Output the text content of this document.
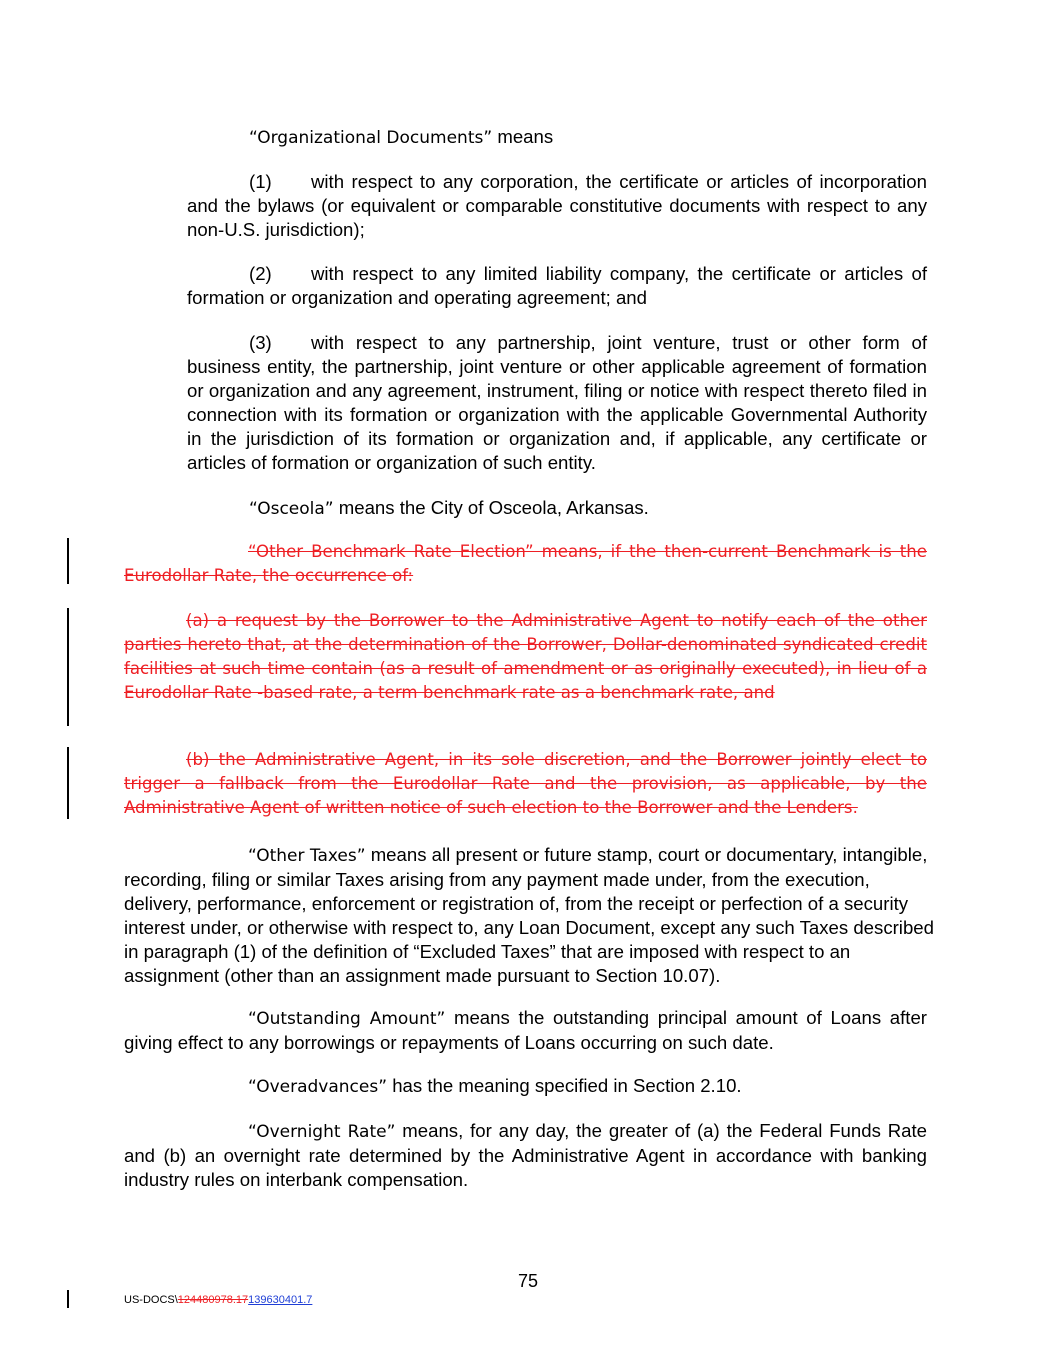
“Organizational Documents” means

(1) with respect to any corporation, the certificate or articles of incorporation and the bylaws (or equivalent or comparable constitutive documents with respect to any non-U.S. jurisdiction);

(2) with respect to any limited liability company, the certificate or articles of formation or organization and operating agreement; and

(3) with respect to any partnership, joint venture, trust or other form of business entity, the partnership, joint venture or other applicable agreement of formation or organization and any agreement, instrument, filing or notice with respect thereto filed in connection with its formation or organization with the applicable Governmental Authority in the jurisdiction of its formation or organization and, if applicable, any certificate or articles of formation or organization of such entity.

“Osceola” means the City of Osceola, Arkansas.

“Other Benchmark Rate Election” means, if the then-current Benchmark is the Eurodollar Rate, the occurrence of:

(a) a request by the Borrower to the Administrative Agent to notify each of the other parties hereto that, at the determination of the Borrower, Dollar-denominated syndicated credit facilities at such time contain (as a result of amendment or as originally executed), in lieu of a Eurodollar Rate -based rate, a term benchmark rate as a benchmark rate, and

(b) the Administrative Agent, in its sole discretion, and the Borrower jointly elect to trigger a fallback from the Eurodollar Rate and the provision, as applicable, by the Administrative Agent of written notice of such election to the Borrower and the Lenders.

“Other Taxes” means all present or future stamp, court or documentary, intangible, recording, filing or similar Taxes arising from any payment made under, from the execution, delivery, performance, enforcement or registration of, from the receipt or perfection of a security interest under, or otherwise with respect to, any Loan Document, except any such Taxes described in paragraph (1) of the definition of “Excluded Taxes” that are imposed with respect to an assignment (other than an assignment made pursuant to Section 10.07).

“Outstanding Amount” means the outstanding principal amount of Loans after giving effect to any borrowings or repayments of Loans occurring on such date.

“Overadvances” has the meaning specified in Section 2.10.

“Overnight Rate” means, for any day, the greater of (a) the Federal Funds Rate and (b) an overnight rate determined by the Administrative Agent in accordance with banking industry rules on interbank compensation.

75
US-DOCS\124480978.17139630401.7
